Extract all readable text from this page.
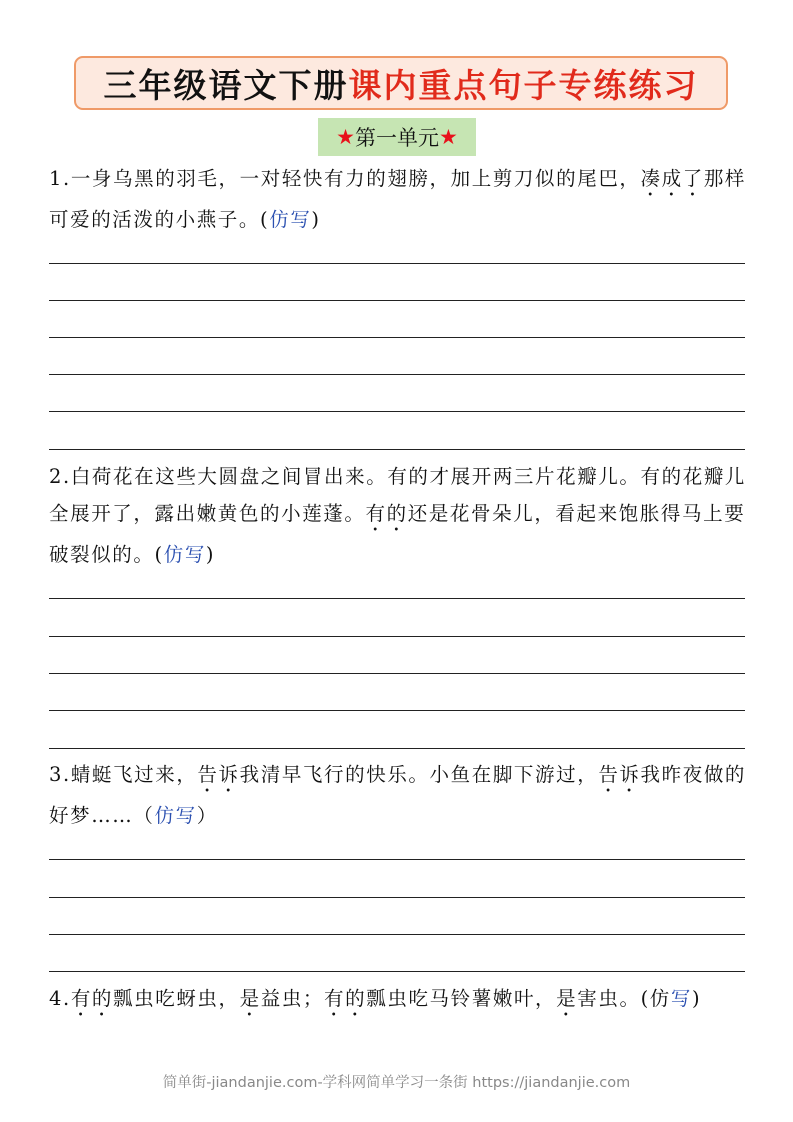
三年级语文下册 课内重点句子专练练习
★ 第一单元 ★
1.一身乌黑的羽毛，一对轻快有力的翅膀，加上剪刀似的尾巴，凑成了那样可爱的活泼的小燕子。(仿写)
2.白荷花在这些大圆盘之间冒出来。有的才展开两三片花瓣儿。有的花瓣儿全展开了，露出嫩黄色的小莲蓬。有的还是花骨朵儿，看起来饱胀得马上要破裂似的。(仿写)
3.蜻蜓飞过来，告诉我清早飞行的快乐。小鱼在脚下游过，告诉我昨夜做的好梦……（仿写）
4.有的瓢虫吃蚜虫，是益虫；有的瓢虫吃马铃薯嫩叶，是害虫。(仿写)
简单街-jiandanjie.com-学科网简单学习一条街 https://jiandanjie.com
